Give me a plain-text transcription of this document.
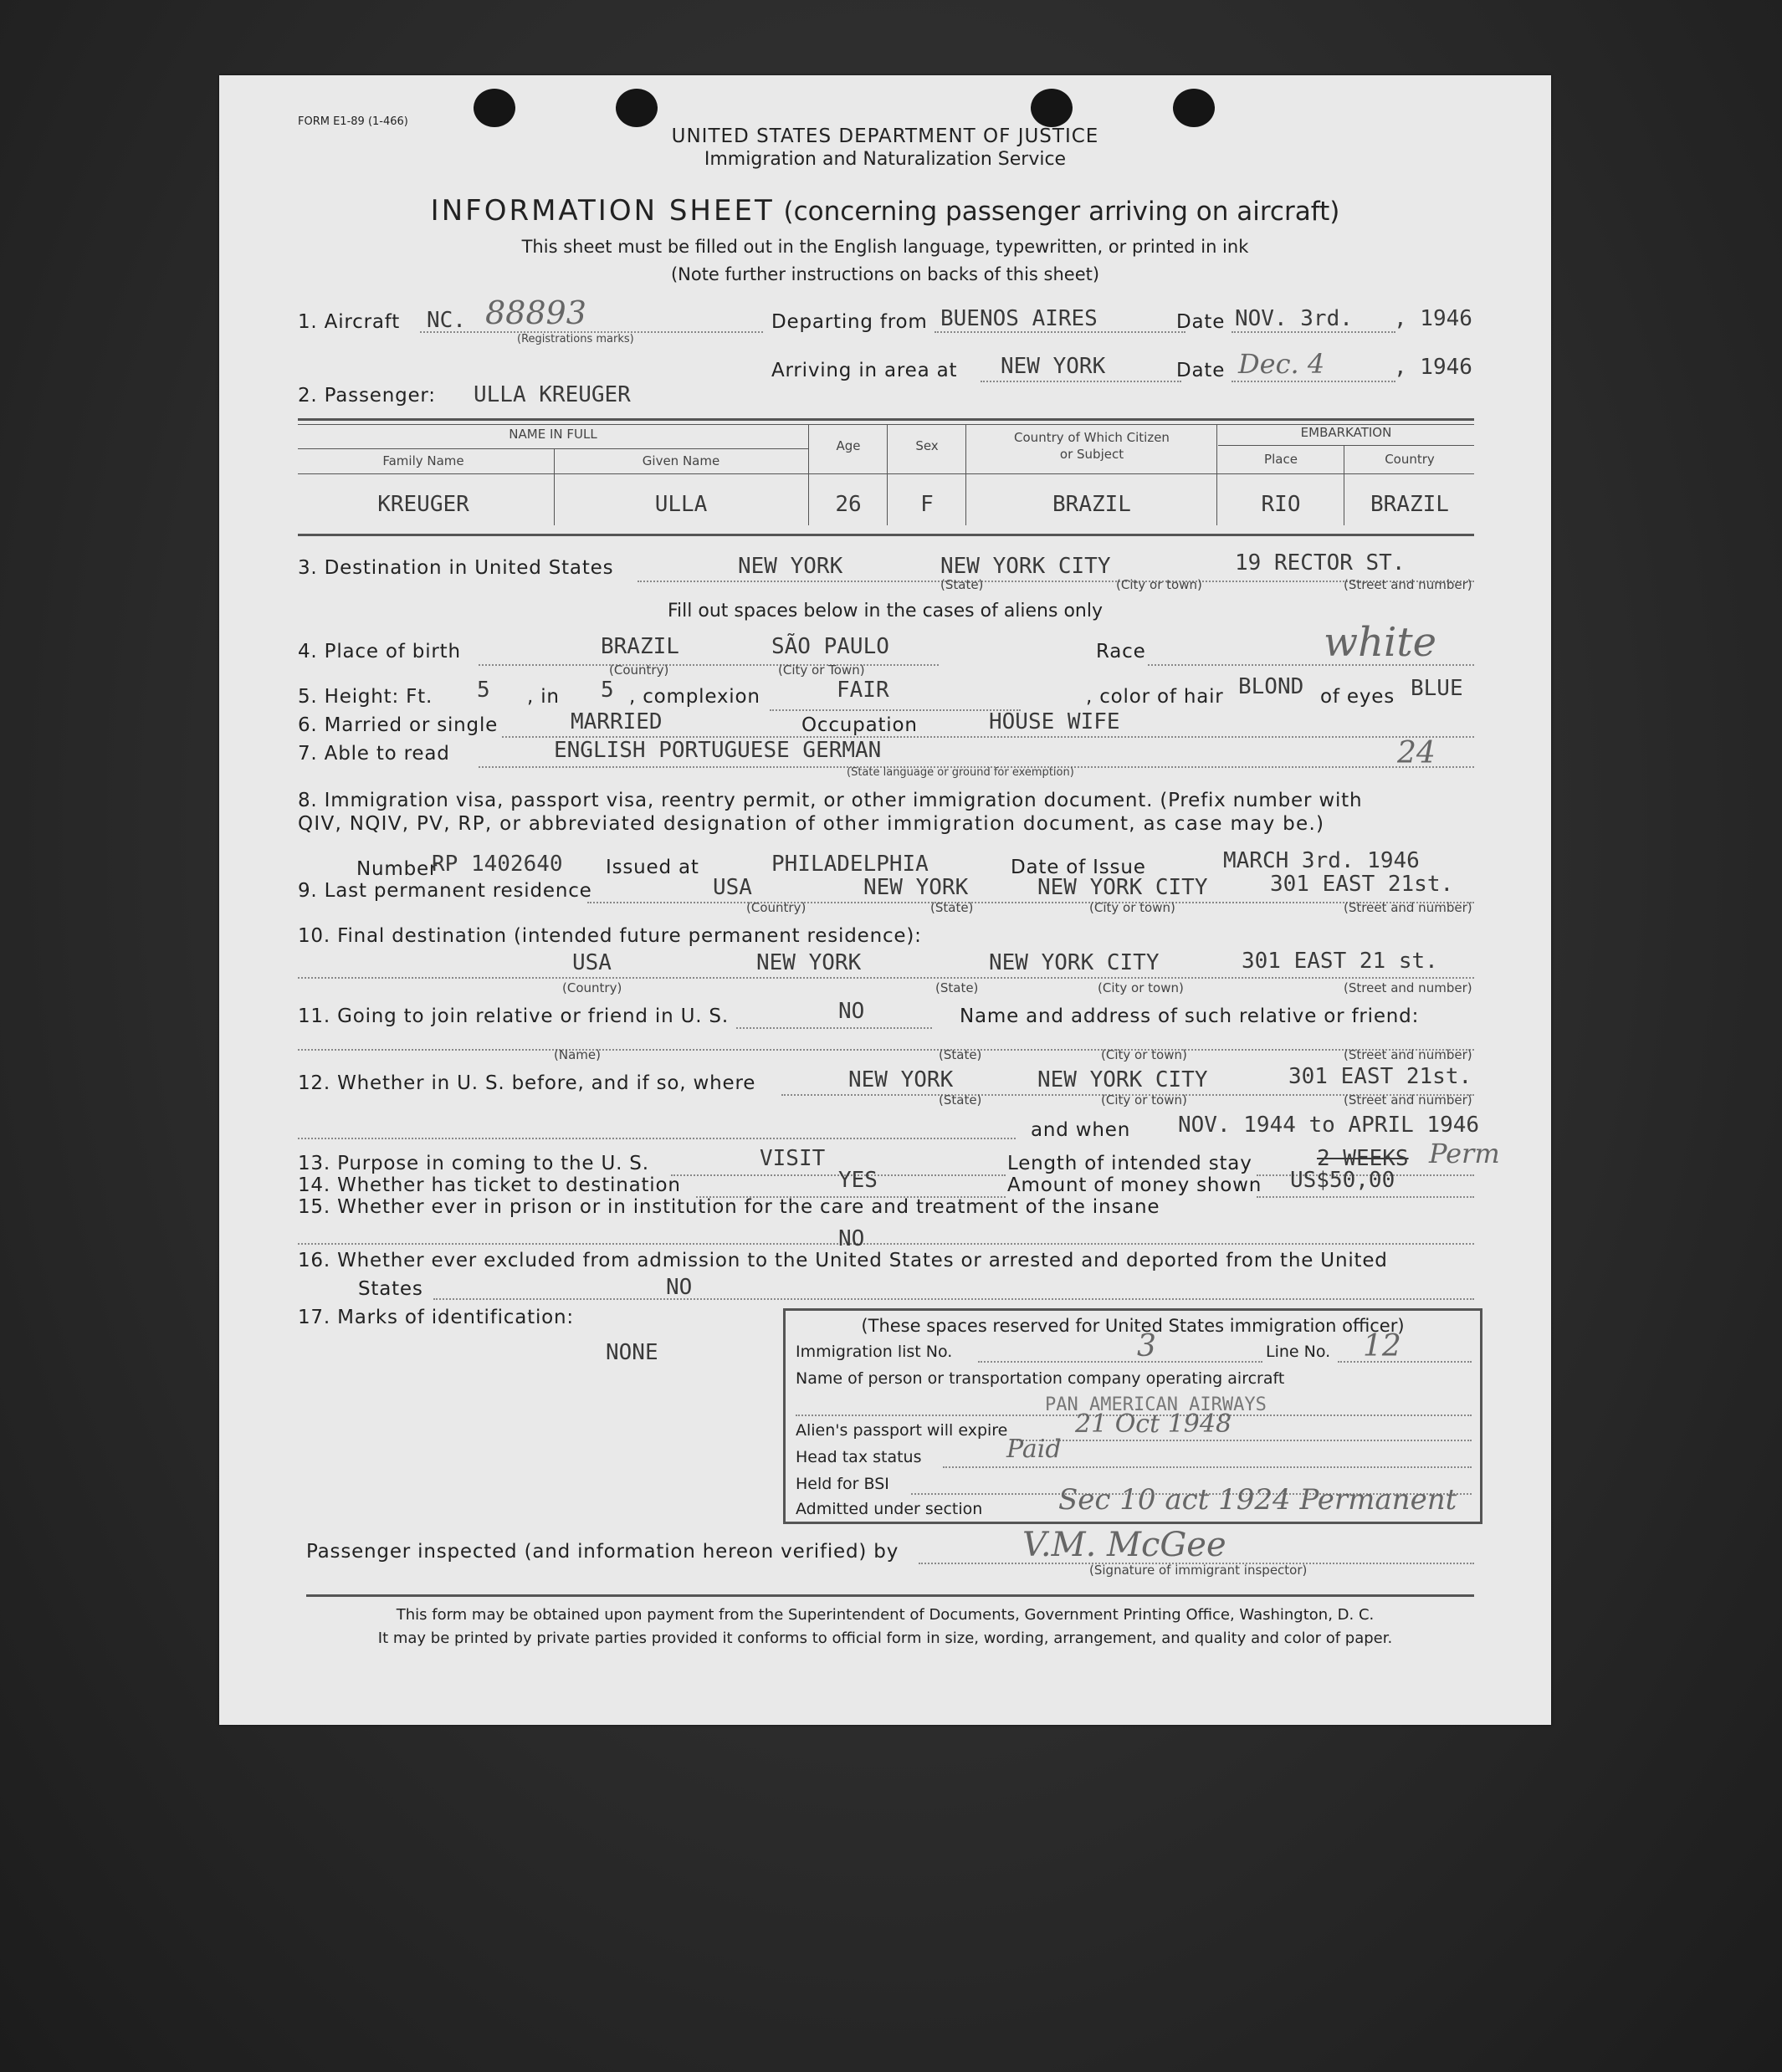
FORM E1-89 (1-466)
UNITED STATES DEPARTMENT OF JUSTICE
Immigration and Naturalization Service
INFORMATION SHEET (concerning passenger arriving on aircraft)
This sheet must be filled out in the English language, typewritten, or printed in ink
(Note further instructions on backs of this sheet)
1. Aircraft NC. 88893
(Registrations marks)
Departing from BUENOS AIRES	Date NOV. 3rd. , 1946
Arriving in area at NEW YORK	Date Dec. 4	, 1946
2. Passenger: ULLA KREUGER
NAME IN FULL
Family Name	Given Name
Age	Sex
Country of Which Citizen
or Subject
EMBARKATION
Place	Country
KREUGER	ULLA	26	F	BRAZIL	RIO	BRAZIL
3. Destination in United States	NEW YORK	NEW YORK CITY	19 RECTOR ST.
(State)	(City or town)	(Street and number)
Fill out spaces below in the cases of aliens only
4. Place of birth	BRAZIL	SÃO PAULO
(Country)	(City or Town)
Race	white
5. Height: Ft. 5 , in 5 , complexion	FAIR	, color of hair BLOND of eyes BLUE
6. Married or single	MARRIED	Occupation	HOUSE WIFE
7. Able to read	ENGLISH PORTUGUESE GERMAN
(State language or ground for exemption)
24
8. Immigration visa, passport visa, reentry permit, or other immigration document. (Prefix number with
QIV, NQIV, PV, RP, or abbreviated designation of other immigration document, as case may be.)
Number
RP 1402640 Issued at	PHILADELPHIA	Date of Issue	MARCH 3rd. 1946
9. Last permanent residence	USA	NEW YORK	NEW YORK CITY	301 EAST 21st.
(Country)	(State)	(City or town)	(Street and number)
10. Final destination (intended future permanent residence):
USA	NEW YORK	NEW YORK CITY	301 EAST 21 st.
(Country)	(State)	(City or town)	(Street and number)
11. Going to join relative or friend in U. S.	NO	Name and address of such relative or friend:
(Name)	(State)	(City or town)	(Street and number)
12. Whether in U. S. before, and if so, where	NEW YORK	NEW YORK CITY	301 EAST 21st.
(State)	(City or town)	(Street and number)
and when NOV. 1944 to APRIL 1946
13. Purpose in coming to the U. S.	VISIT	Length of intended stay	2 WEEKS Perm
14. Whether has ticket to destination	YES	Amount of money shown US$50,00
15. Whether ever in prison or in institution for the care and treatment of the insane
NO
16. Whether ever excluded from admission to the United States or arrested and deported from the United
States	NO
17. Marks of identification:
NONE
(These spaces reserved for United States immigration officer)
Immigration list No.	3	Line No. 12
Name of person or transportation company operating aircraft
PAN AMERICAN AIRWAYS
Alien's passport will expire	21 Oct 1948
Head tax status	Paid
Held for BSI
Admitted under section	Sec 10 act 1924 Permanent
Passenger inspected (and information hereon verified) by	V.M. McGee
(Signature of immigrant inspector)
This form may be obtained upon payment from the Superintendent of Documents, Government Printing Office, Washington, D. C.
It may be printed by private parties provided it conforms to official form in size, wording, arrangement, and quality and color of paper.
